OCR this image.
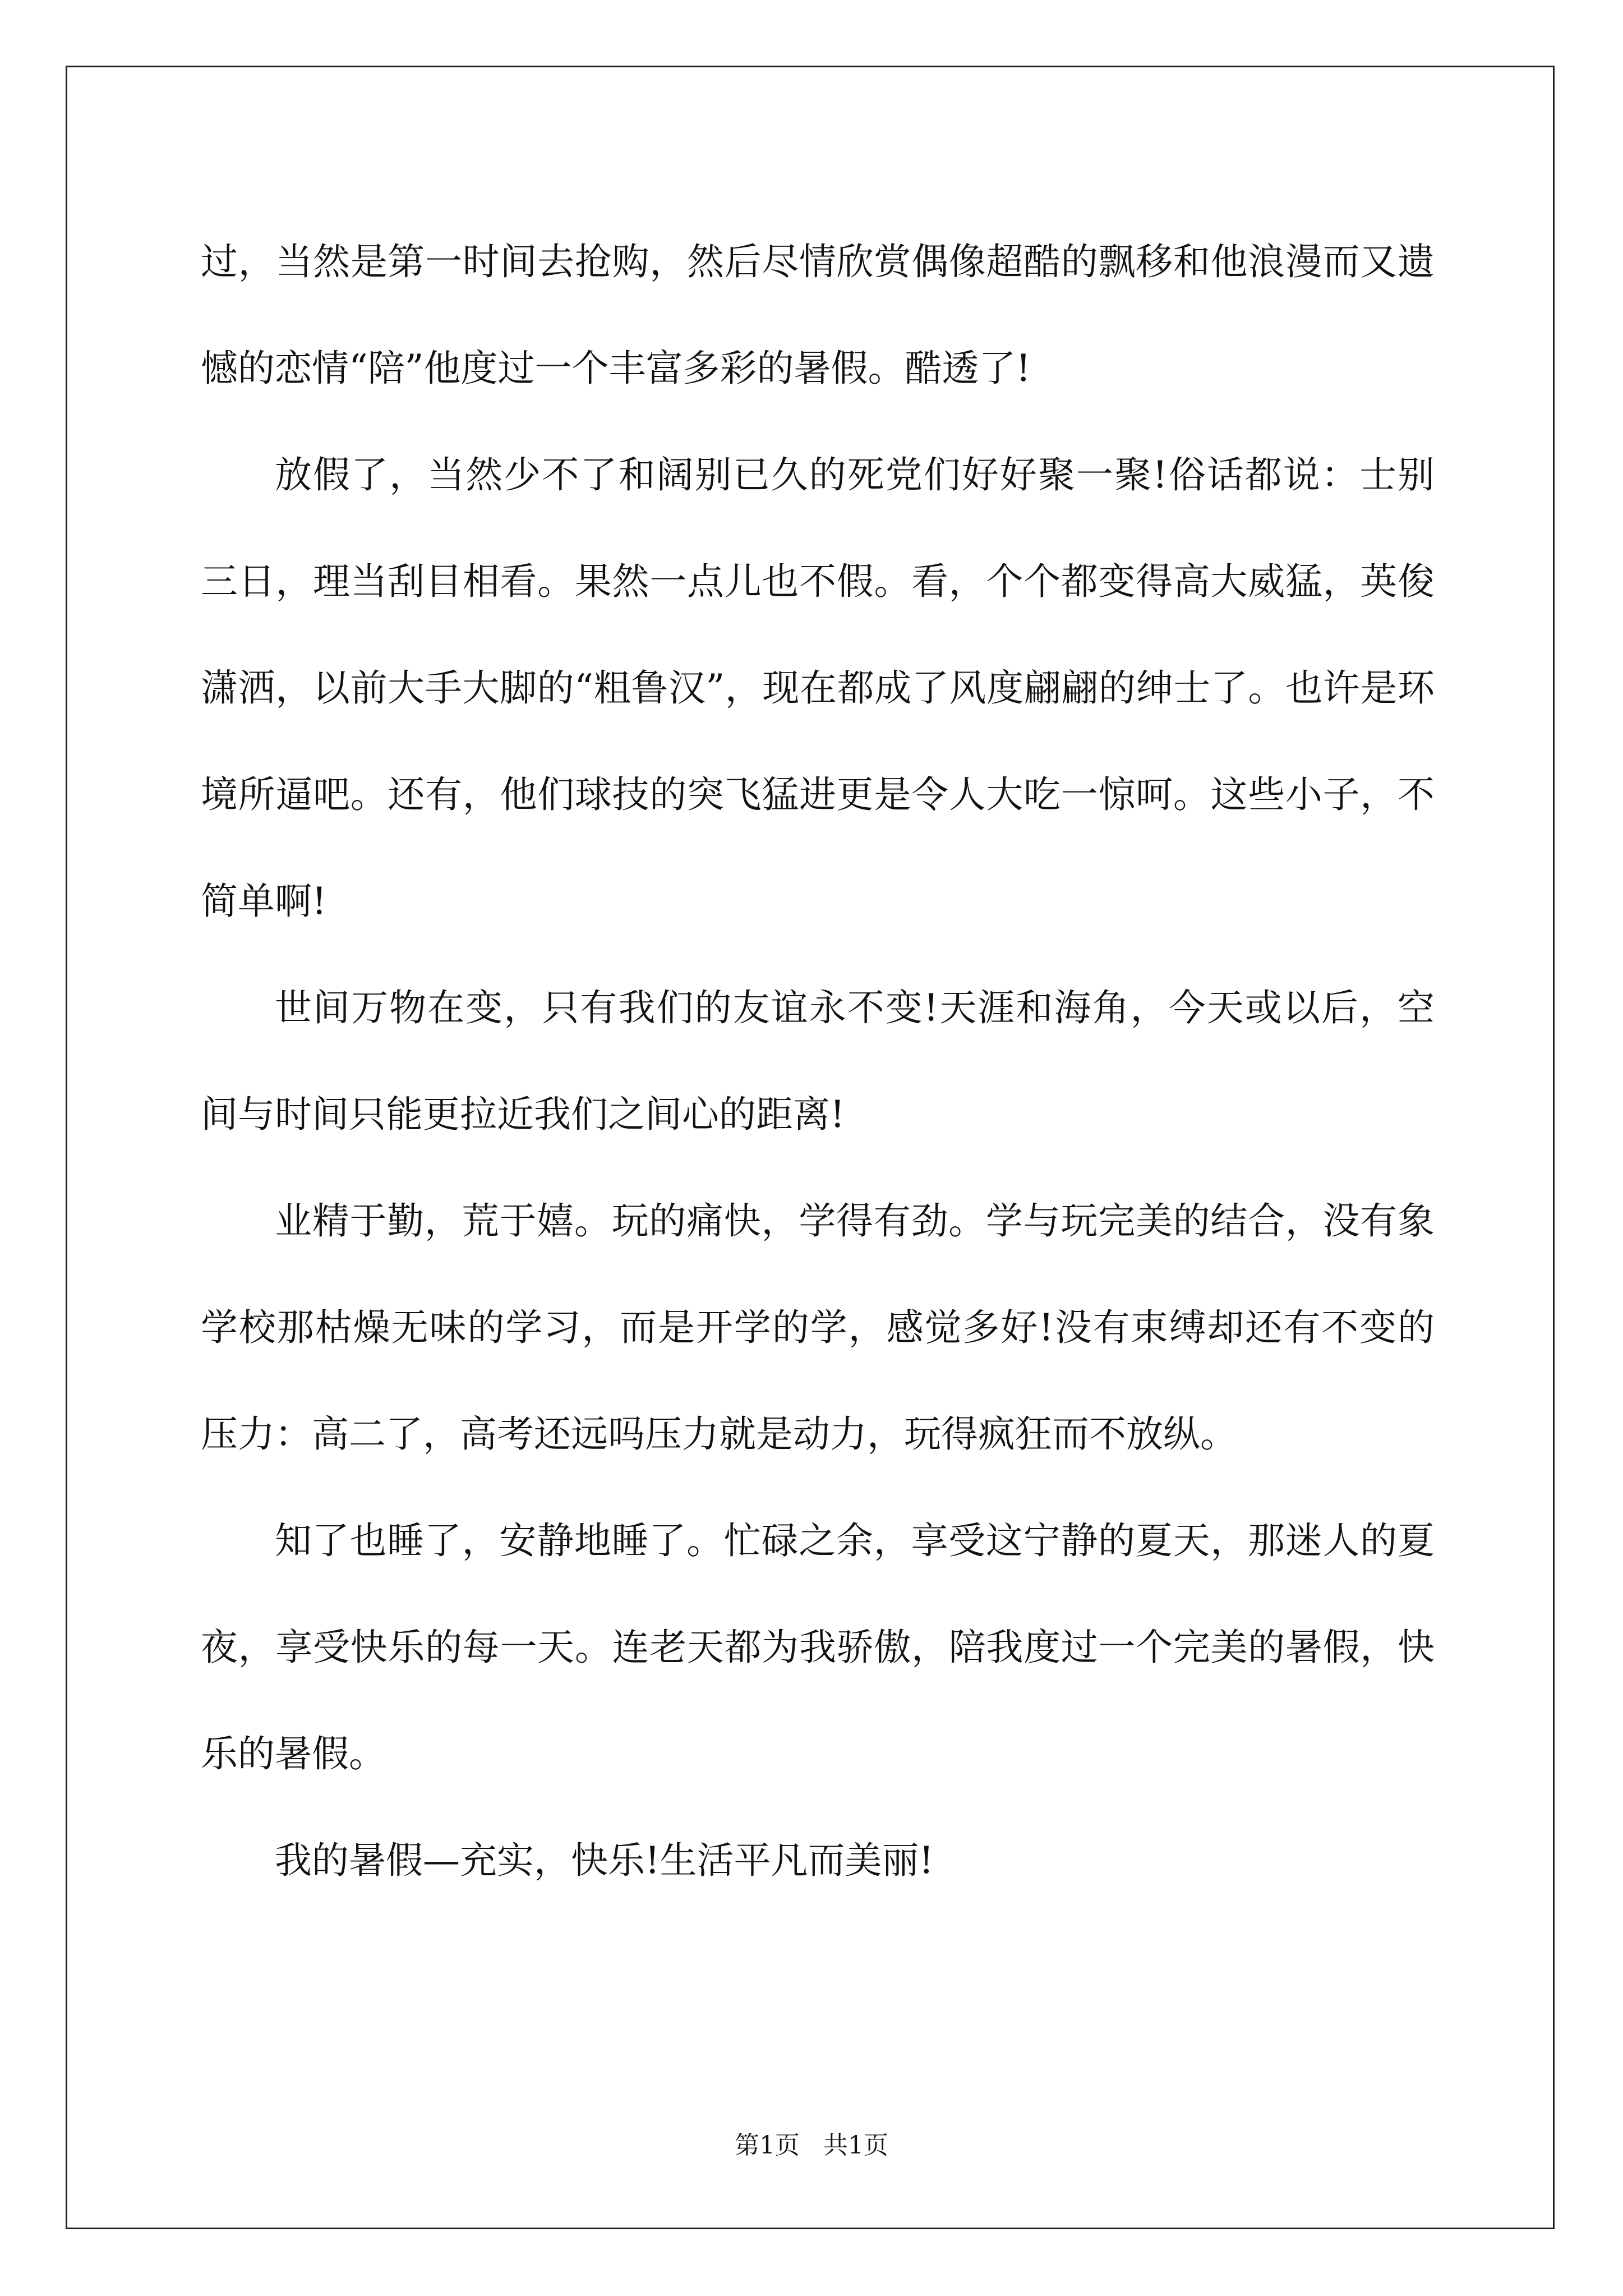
过，当然是第一时间去抢购，然后尽情欣赏偶像超酷的飘移和他浪漫而又遗憾的恋情“陪”他度过一个丰富多彩的暑假。酷透了!

放假了，当然少不了和阔别已久的死党们好好聚一聚!俗话都说：士别三日，理当刮目相看。果然一点儿也不假。看，个个都变得高大威猛，英俊潇洒，以前大手大脚的“粗鲁汉”，现在都成了风度翩翩的绅士了。也许是环境所逼吧。还有，他们球技的突飞猛进更是令人大吃一惊呵。这些小子，不简单啊!

世间万物在变，只有我们的友谊永不变!天涯和海角，今天或以后，空间与时间只能更拉近我们之间心的距离!

业精于勤，荒于嬉。玩的痛快，学得有劲。学与玩完美的结合，没有象学校那枯燥无味的学习，而是开学的学，感觉多好!没有束缚却还有不变的压力：高二了，高考还远吗压力就是动力，玩得疯狂而不放纵。

知了也睡了，安静地睡了。忙碌之余，享受这宁静的夏天，那迷人的夏夜，享受快乐的每一天。连老天都为我骄傲，陪我度过一个完美的暑假，快乐的暑假。

我的暑假—充实，快乐!生活平凡而美丽!

第1页 共1页
